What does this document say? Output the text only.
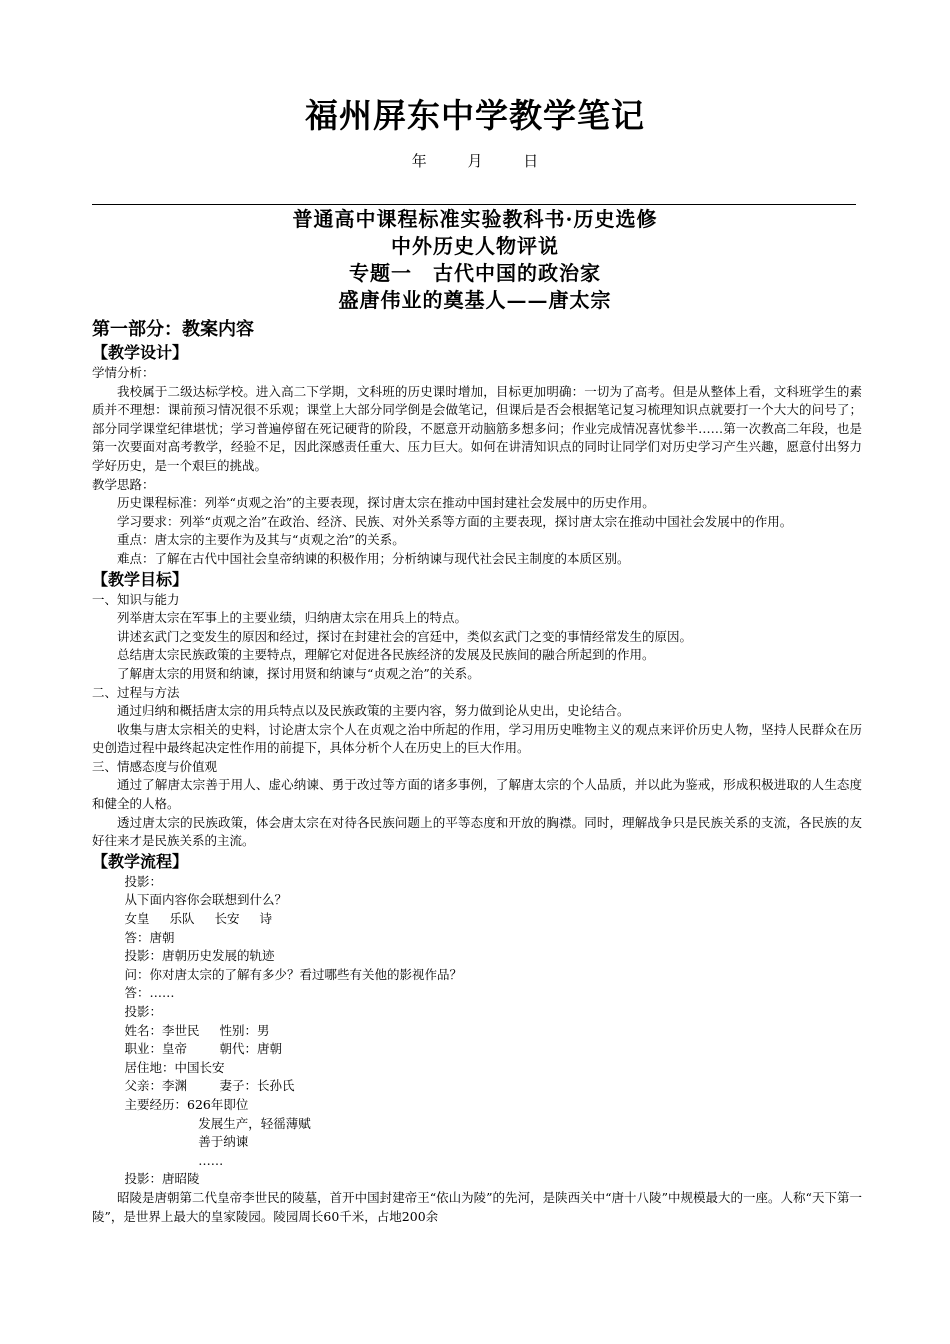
福州屏东中学教学笔记
年	月	日
普通高中课程标准实验教科书·历史选修
中外历史人物评说
专题一　古代中国的政治家
盛唐伟业的奠基人——唐太宗
第一部分：教案内容
【教学设计】

学情分析：

我校属于二级达标学校。进入高二下学期，文科班的历史课时增加，目标更加明确：一切为了高考。但是从整体上看，文科班学生的素质并不理想：课前预习情况很不乐观；课堂上大部分同学倒是会做笔记，但课后是否会根据笔记复习梳理知识点就要打一个大大的问号了；部分同学课堂纪律堪忧；学习普遍停留在死记硬背的阶段，不愿意开动脑筋多想多问；作业完成情况喜忧参半……第一次教高二年段，也是第一次要面对高考教学，经验不足，因此深感责任重大、压力巨大。如何在讲清知识点的同时让同学们对历史学习产生兴趣，愿意付出努力学好历史，是一个艰巨的挑战。

教学思路：

历史课程标准：列举“贞观之治”的主要表现，探讨唐太宗在推动中国封建社会发展中的历史作用。

学习要求：列举“贞观之治”在政治、经济、民族、对外关系等方面的主要表现，探讨唐太宗在推动中国社会发展中的作用。

重点：唐太宗的主要作为及其与“贞观之治”的关系。

难点：了解在古代中国社会皇帝纳谏的积极作用；分析纳谏与现代社会民主制度的本质区别。

【教学目标】

一、知识与能力

列举唐太宗在军事上的主要业绩，归纳唐太宗在用兵上的特点。

讲述玄武门之变发生的原因和经过，探讨在封建社会的宫廷中，类似玄武门之变的事情经常发生的原因。

总结唐太宗民族政策的主要特点，理解它对促进各民族经济的发展及民族间的融合所起到的作用。

了解唐太宗的用贤和纳谏，探讨用贤和纳谏与“贞观之治”的关系。

二、过程与方法

通过归纳和概括唐太宗的用兵特点以及民族政策的主要内容，努力做到论从史出，史论结合。

收集与唐太宗相关的史料，讨论唐太宗个人在贞观之治中所起的作用，学习用历史唯物主义的观点来评价历史人物，坚持人民群众在历史创造过程中最终起决定性作用的前提下，具体分析个人在历史上的巨大作用。

三、情感态度与价值观

通过了解唐太宗善于用人、虚心纳谏、勇于改过等方面的诸多事例，了解唐太宗的个人品质，并以此为鉴戒，形成积极进取的人生态度和健全的人格。

透过唐太宗的民族政策，体会唐太宗在对待各民族问题上的平等态度和开放的胸襟。同时，理解战争只是民族关系的支流，各民族的友好往来才是民族关系的主流。

【教学流程】

投影：

从下面内容你会联想到什么？

女皇 乐队 长安 诗

答：唐朝

投影：唐朝历史发展的轨迹

问：你对唐太宗的了解有多少？看过哪些有关他的影视作品？

答：……

投影：

姓名：李世民 性别：男

职业：皇帝	朝代：唐朝

居住地：中国长安

父亲：李渊	妻子：长孙氏

主要经历：626年即位

发展生产，轻徭薄赋

善于纳谏

……

投影：唐昭陵

昭陵是唐朝第二代皇帝李世民的陵墓，首开中国封建帝王“依山为陵”的先河，是陕西关中“唐十八陵”中规模最大的一座。人称“天下第一陵”，是世界上最大的皇家陵园。陵园周长60千米，占地200余
